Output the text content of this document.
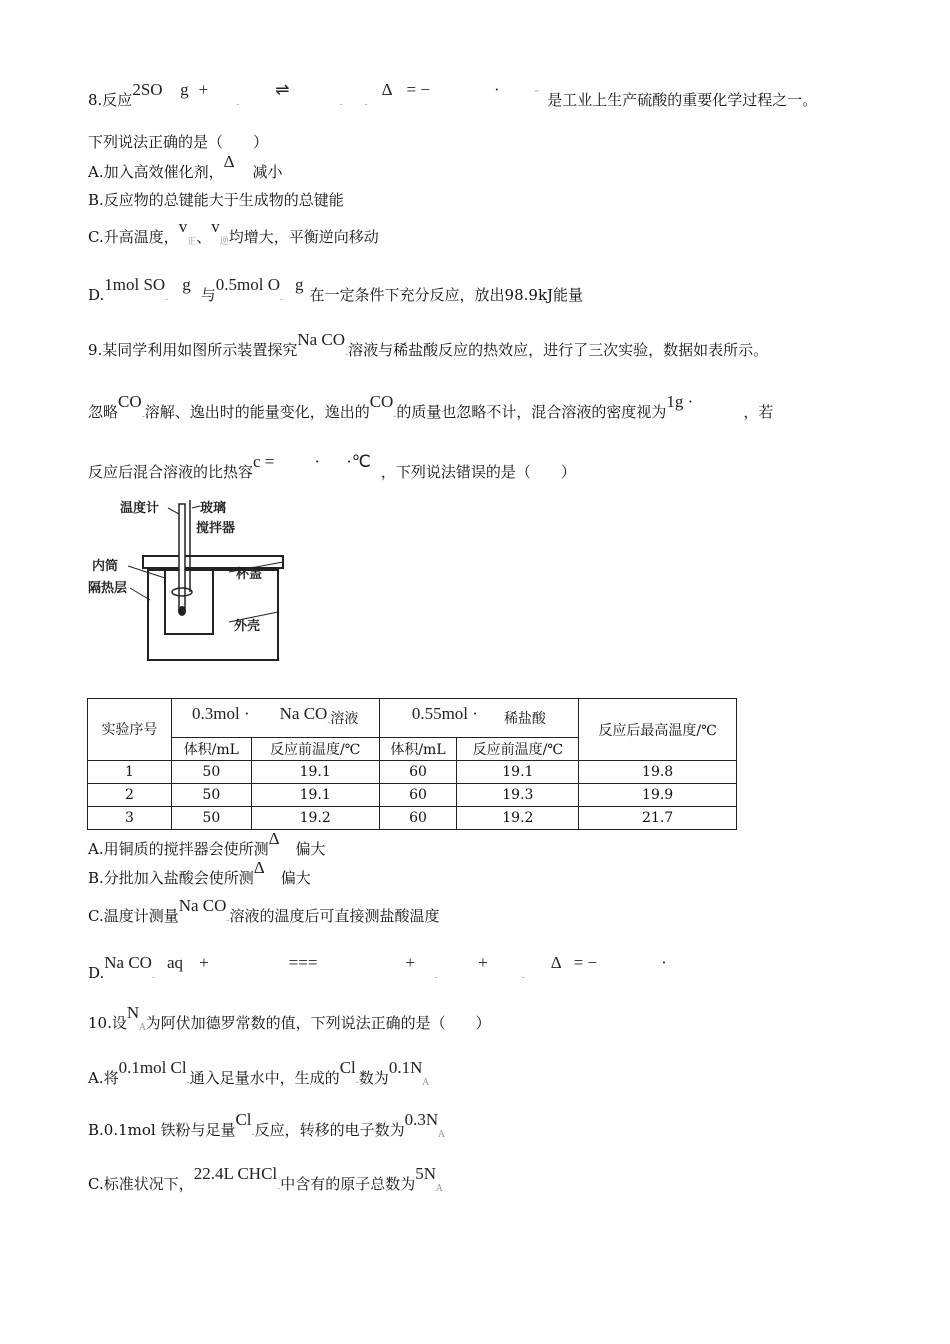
8.反应2SO g +-⇌- -Δ = −	· -是工业上生产硫酸的重要化学过程之一。
下列说法正确的是（　　）
A.加入高效催化剂，Δ减小
B.反应物的总键能大于生成物的总键能
C.升高温度，v正、v逆均增大，平衡逆向移动
D.1mol SO-g与0.5mol O-g在一定条件下充分反应，放出98.9kJ能量
9.某同学利用如图所示装置探究Na CO-溶液与稀盐酸反应的热效应，进行了三次实验，数据如表所示。
忽略CO-溶解、逸出时的能量变化，逸出的CO-的质量也忽略不计，混合溶液的密度视为1g ·，若
反应后混合溶液的比热容c = · ·℃，下列说法错误的是（　　）
温度计	玻璃
搅拌器
内筒
隔热层
杯盖
外壳
实验序号	0.3mol · Na CO-溶液		0.55mol · 稀盐酸		反应后最高温度/℃
	体积/mL	反应前温度/℃	体积/mL	反应前温度/℃	
1	50	19.1	60	19.1	19.8
2	50	19.1	60	19.3	19.9
3	50	19.2	60	19.2	21.7
A.用铜质的搅拌器会使所测Δ偏大
B.分批加入盐酸会使所测Δ偏大
C.温度计测量Na CO-溶液的温度后可直接测盐酸温度
D.Na CO-aq +	===	+-+-Δ = −	·
10.设NA为阿伏加德罗常数的值，下列说法正确的是（　　）
A.将0.1mol Cl-通入足量水中，生成的Cl-数为0.1NA
B.0.1mol 铁粉与足量Cl-反应，转移的电子数为0.3NA
C.标准状况下，22.4L CHCl-中含有的原子总数为5NA
